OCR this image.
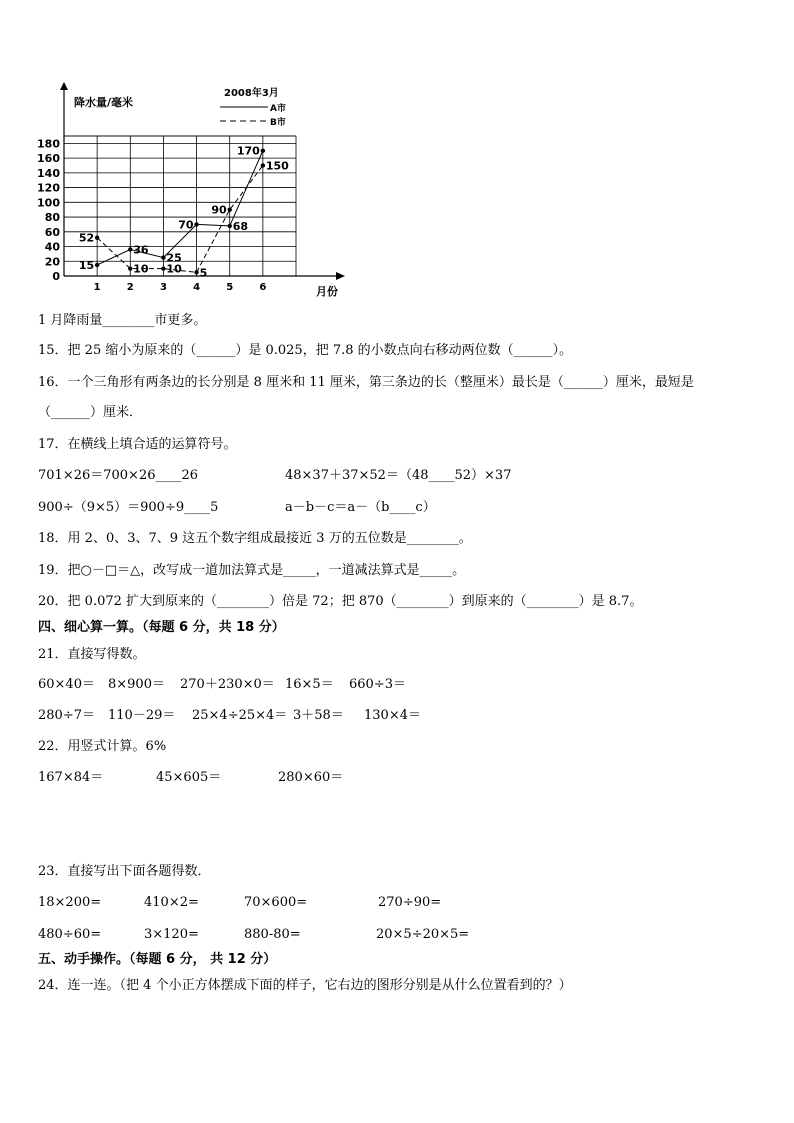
0
20
40
60
80
100
120
140
160
180
1	2	3	4	5	6
15
36
25
70	68
170
52
10 10 5
90
150
降水量/毫米
月份
2008年3月
A市
B市
1 月降雨量________市更多。
15．把 25 缩小为原来的（______）是 0.025，把 7.8 的小数点向右移动两位数（______）。
16．一个三角形有两条边的长分别是 8 厘米和 11 厘米，第三条边的长（整厘米）最长是（______）厘米，最短是
（______）厘米．
17．在横线上填合适的运算符号。
701×26＝700×26____26	48×37＋37×52＝（48____52）×37
900÷（9×5）＝900÷9____5	a－b－c＝a－（b____c）
18．用 2、0、3、7、9 这五个数字组成最接近 3 万的五位数是________。
19．把○－□＝△，改写成一道加法算式是_____，一道减法算式是_____。
20．把 0.072 扩大到原来的（________）倍是 72；把 870（________）到原来的（________）是 8.7。
四、细心算一算。（每题 6 分，共 18 分）
21．直接写得数。
60×40＝ 8×900＝ 270＋230×0＝ 16×5＝ 660÷3＝
280÷7＝ 110－29＝ 25×4÷25×4＝ 3＋58＝ 130×4＝
22．用竖式计算。6%
167×84＝	45×605＝	280×60＝
23．直接写出下面各题得数．
18×200=	410×2=	70×600=	270÷90=
480÷60=	3×120=	880-80=	20×5÷20×5=
五、动手操作。（每题 6 分， 共 12 分）
24．连一连。（把 4 个小正方体摆成下面的样子，它右边的图形分别是从什么位置看到的？）
